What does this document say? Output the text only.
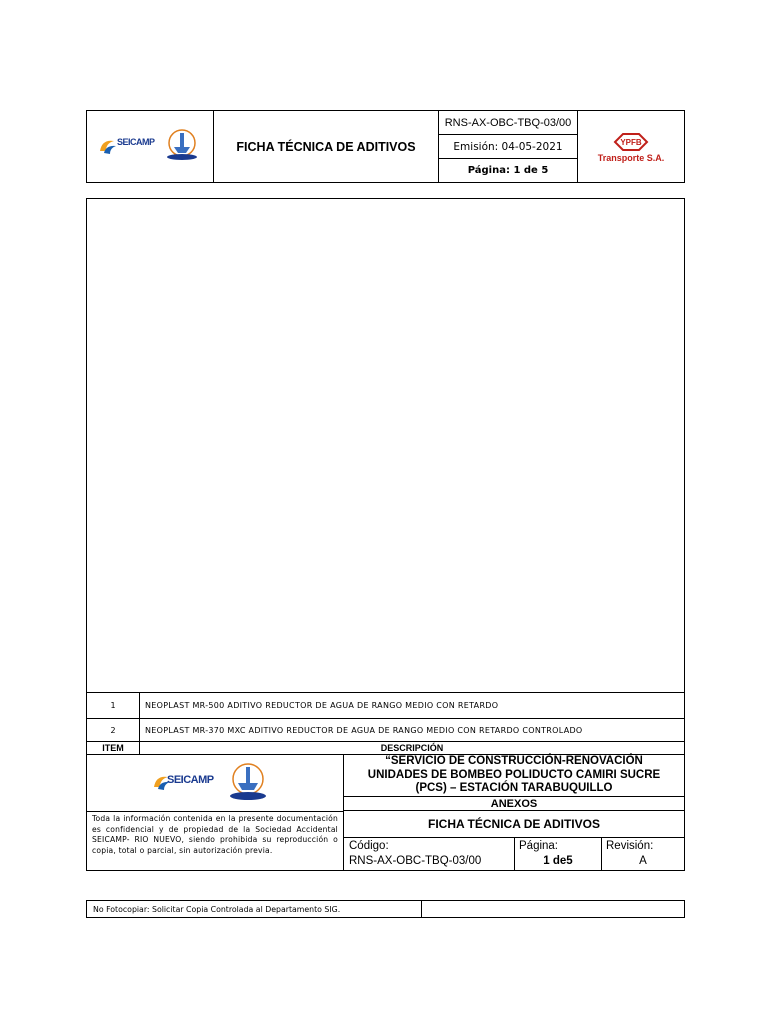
SEICAMP	FICHA TÉCNICA DE ADITIVOS
RNS-AX-OBC-TBQ-03/00
Emisión: 04-05-2021
Página: 1 de 5
YPFB
Transporte S.A.
1	NEOPLAST MR-500 ADITIVO REDUCTOR DE AGUA DE RANGO MEDIO CON RETARDO
2	NEOPLAST MR-370 MXC ADITIVO REDUCTOR DE AGUA DE RANGO MEDIO CON RETARDO CONTROLADO
ITEM	DESCRIPCIÓN
SEICAMP
Toda la información contenida en la presente documentación es confidencial y de propiedad de la Sociedad Accidental SEICAMP- RIO NUEVO, siendo prohibida su reproducción o copia, total o parcial, sin autorización previa.
“SERVICIO DE CONSTRUCCIÓN-RENOVACIÓN
UNIDADES DE BOMBEO POLIDUCTO CAMIRI SUCRE
(PCS) – ESTACIÓN TARABUQUILLO
ANEXOS
FICHA TÉCNICA DE ADITIVOS
Código:
RNS-AX-OBC-TBQ-03/00
Página:
1 de5
Revisión:
A
No Fotocopiar: Solicitar Copia Controlada al Departamento SIG.
